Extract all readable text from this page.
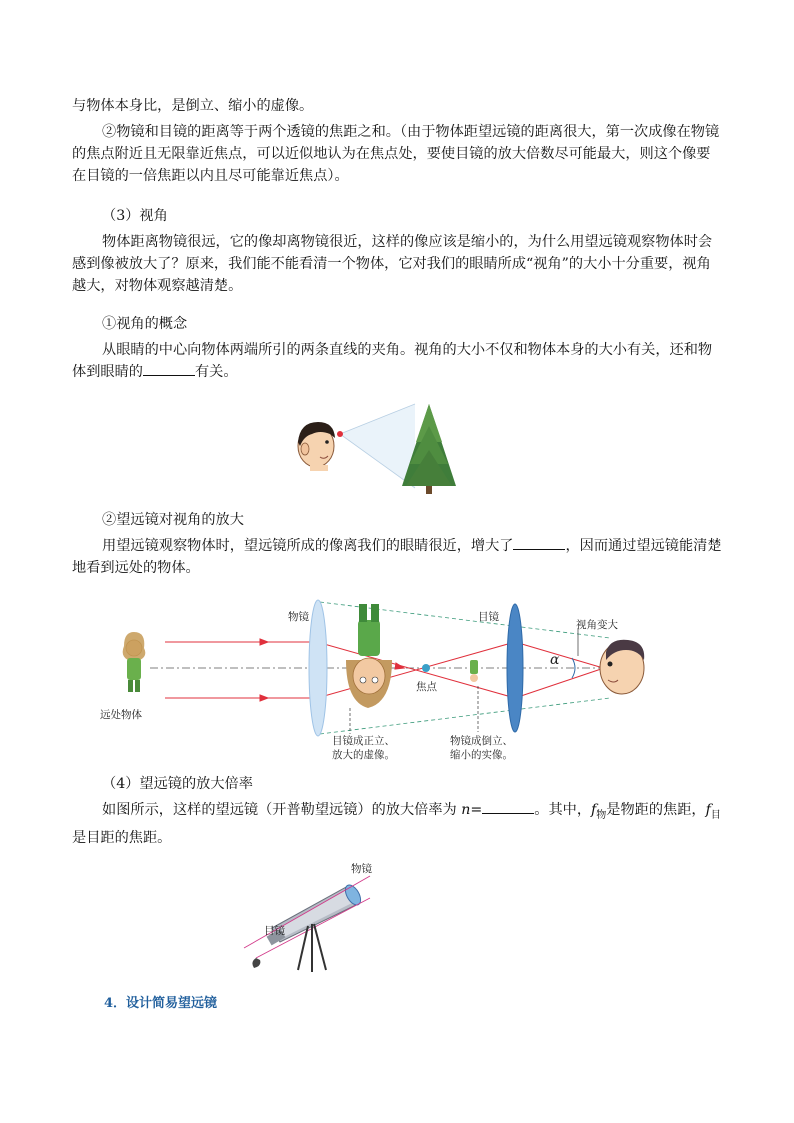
与物体本身比，是倒立、缩小的虚像。

②物镜和目镜的距离等于两个透镜的焦距之和。（由于物体距望远镜的距离很大，第一次成像在物镜的焦点附近且无限靠近焦点，可以近似地认为在焦点处，要使目镜的放大倍数尽可能最大，则这个像要在目镜的一倍焦距以内且尽可能靠近焦点）。

（3）视角

物体距离物镜很远，它的像却离物镜很近，这样的像应该是缩小的，为什么用望远镜观察物体时会感到像被放大了？原来，我们能不能看清一个物体，它对我们的眼睛所成“视角”的大小十分重要，视角越大，对物体观察越清楚。

①视角的概念

从眼睛的中心向物体两端所引的两条直线的夹角。视角的大小不仅和物体本身的大小有关，还和物体到眼睛的	有关。

②望远镜对视角的放大

用望远镜观察物体时，望远镜所成的像离我们的眼睛很近，增大了	，因而通过望远镜能清楚地看到远处的物体。

α
物镜	目镜
视角变大
焦点
远处物体
目镜成正立、
放大的虚像。
物镜成倒立、
缩小的实像。

（4）望远镜的放大倍率

如图所示，这样的望远镜（开普勒望远镜）的放大倍率为 n=	。其中，$f_物$是物距的焦距，$f_目$是目距的焦距。

物镜
目镜

4．设计简易望远镜
